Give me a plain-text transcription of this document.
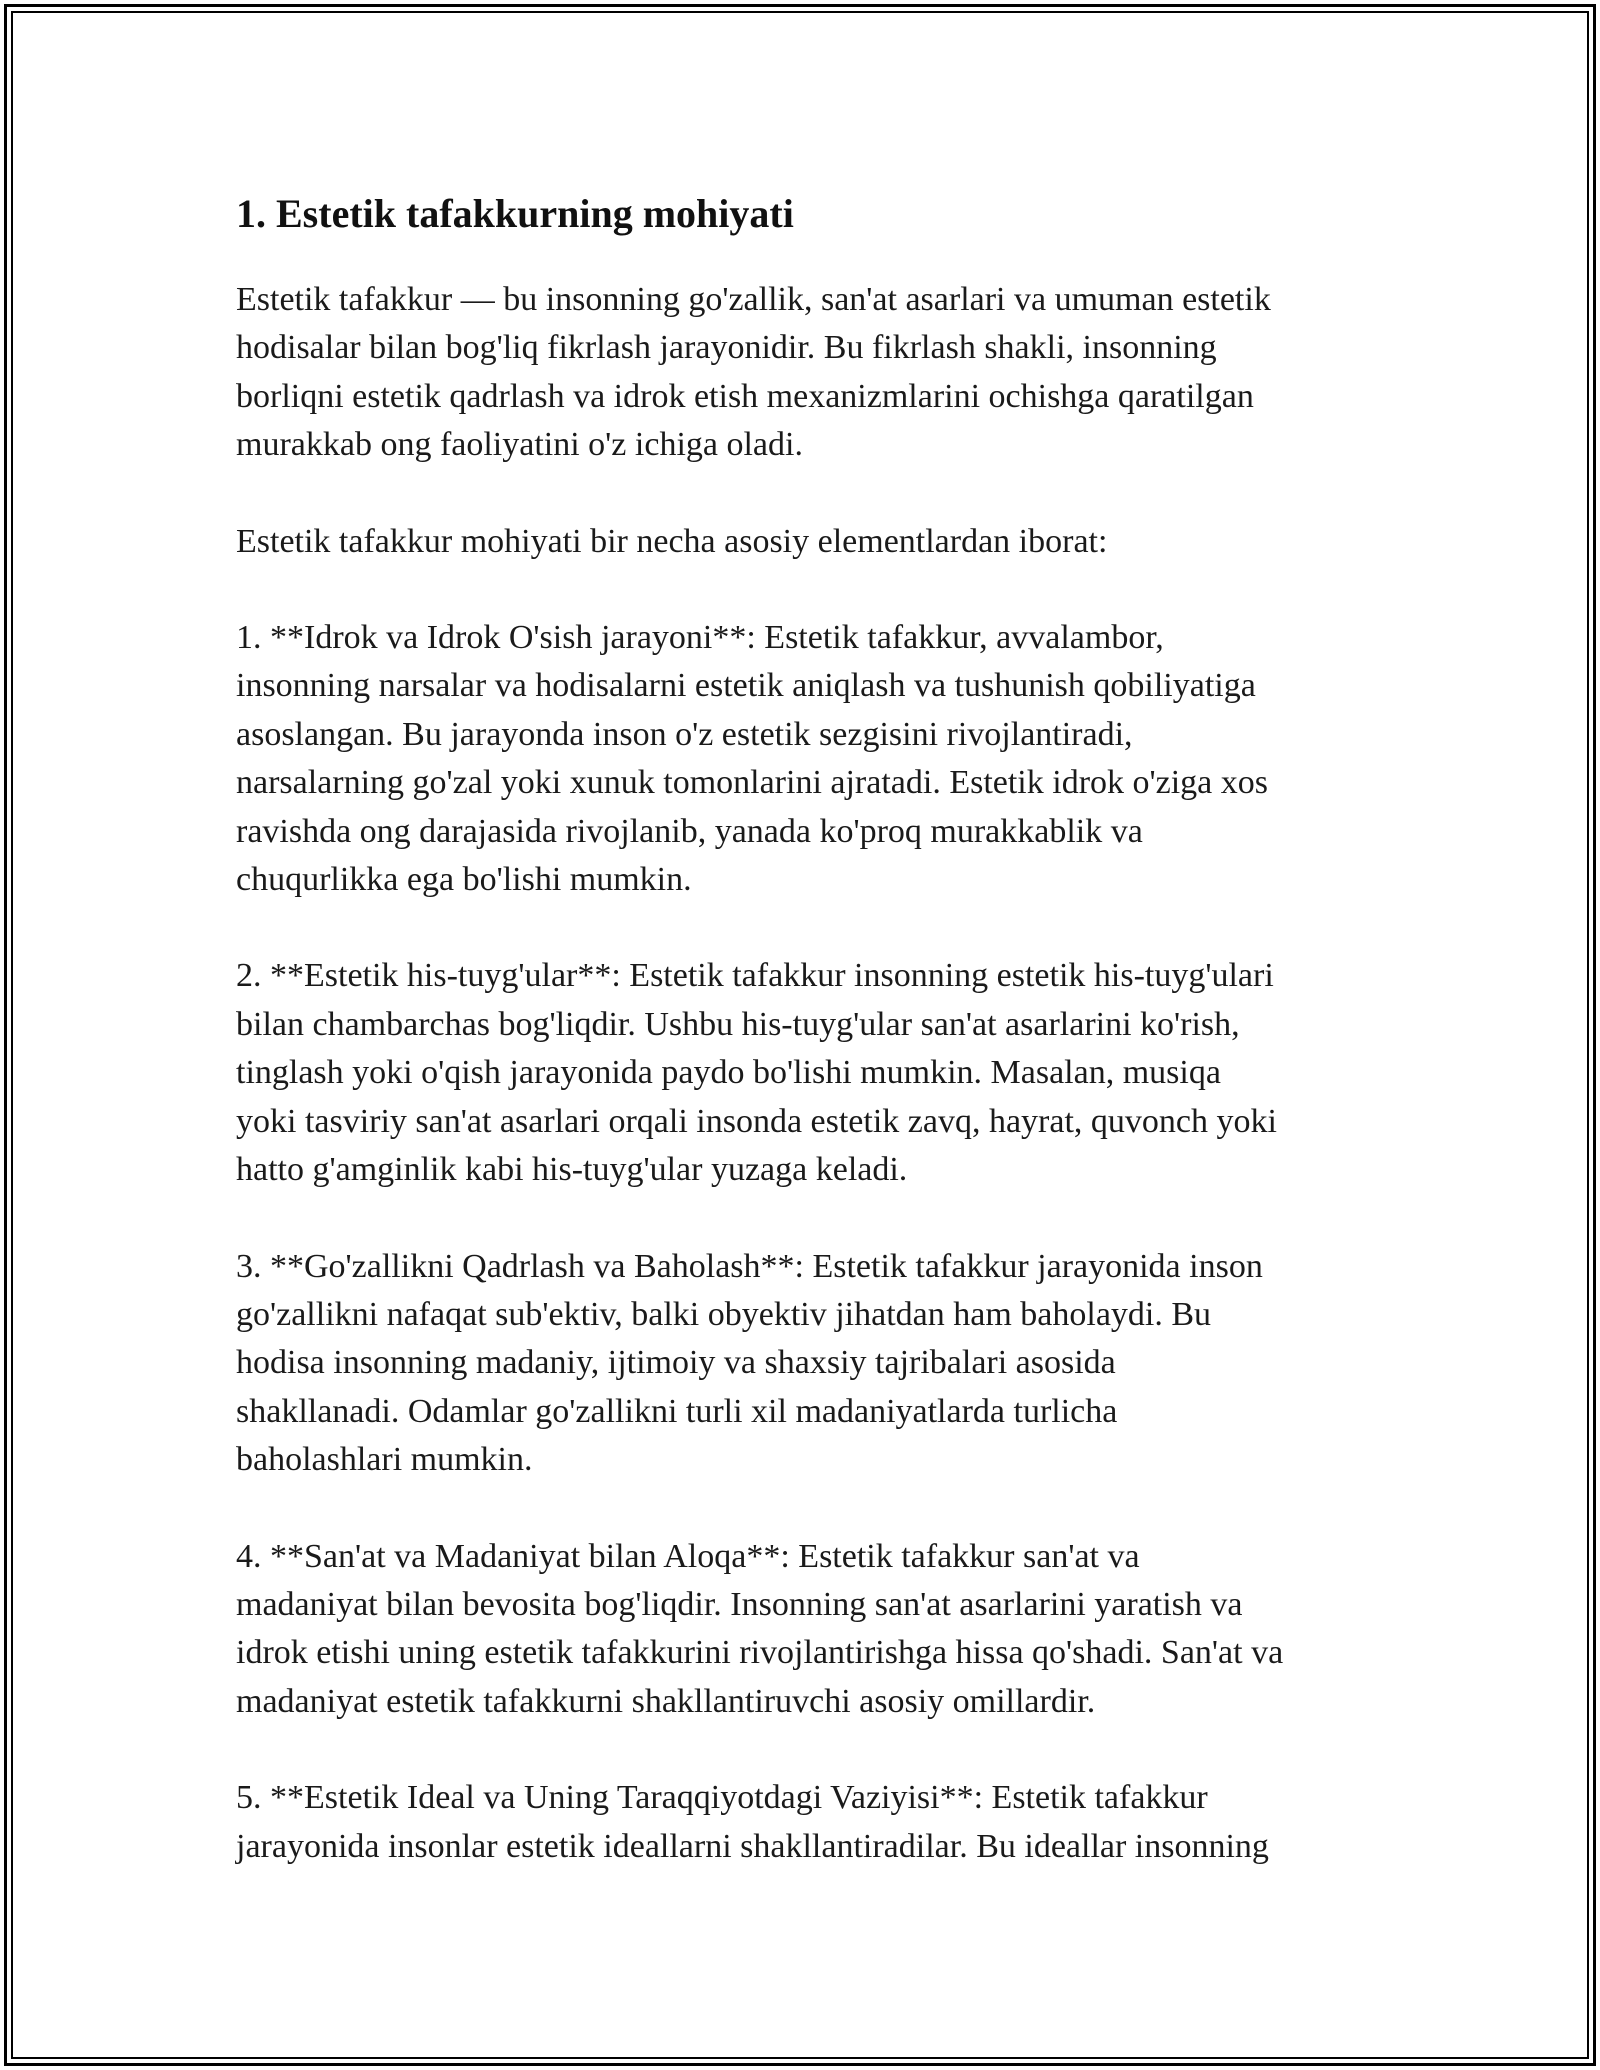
1. Estetik tafakkurning mohiyati

Estetik tafakkur — bu insonning go'zallik, san'at asarlari va umuman estetik
hodisalar bilan bog'liq fikrlash jarayonidir. Bu fikrlash shakli, insonning
borliqni estetik qadrlash va idrok etish mexanizmlarini ochishga qaratilgan
murakkab ong faoliyatini o'z ichiga oladi.

Estetik tafakkur mohiyati bir necha asosiy elementlardan iborat:

1. **Idrok va Idrok O'sish jarayoni**: Estetik tafakkur, avvalambor,
insonning narsalar va hodisalarni estetik aniqlash va tushunish qobiliyatiga
asoslangan. Bu jarayonda inson o'z estetik sezgisini rivojlantiradi,
narsalarning go'zal yoki xunuk tomonlarini ajratadi. Estetik idrok o'ziga xos
ravishda ong darajasida rivojlanib, yanada ko'proq murakkablik va
chuqurlikka ega bo'lishi mumkin.

2. **Estetik his-tuyg'ular**: Estetik tafakkur insonning estetik his-tuyg'ulari
bilan chambarchas bog'liqdir. Ushbu his-tuyg'ular san'at asarlarini ko'rish,
tinglash yoki o'qish jarayonida paydo bo'lishi mumkin. Masalan, musiqa
yoki tasviriy san'at asarlari orqali insonda estetik zavq, hayrat, quvonch yoki
hatto g'amginlik kabi his-tuyg'ular yuzaga keladi.

3. **Go'zallikni Qadrlash va Baholash**: Estetik tafakkur jarayonida inson
go'zallikni nafaqat sub'ektiv, balki obyektiv jihatdan ham baholaydi. Bu
hodisa insonning madaniy, ijtimoiy va shaxsiy tajribalari asosida
shakllanadi. Odamlar go'zallikni turli xil madaniyatlarda turlicha
baholashlari mumkin.

4. **San'at va Madaniyat bilan Aloqa**: Estetik tafakkur san'at va
madaniyat bilan bevosita bog'liqdir. Insonning san'at asarlarini yaratish va
idrok etishi uning estetik tafakkurini rivojlantirishga hissa qo'shadi. San'at va
madaniyat estetik tafakkurni shakllantiruvchi asosiy omillardir.

5. **Estetik Ideal va Uning Taraqqiyotdagi Vaziyisi**: Estetik tafakkur
jarayonida insonlar estetik ideallarni shakllantiradilar. Bu ideallar insonning
